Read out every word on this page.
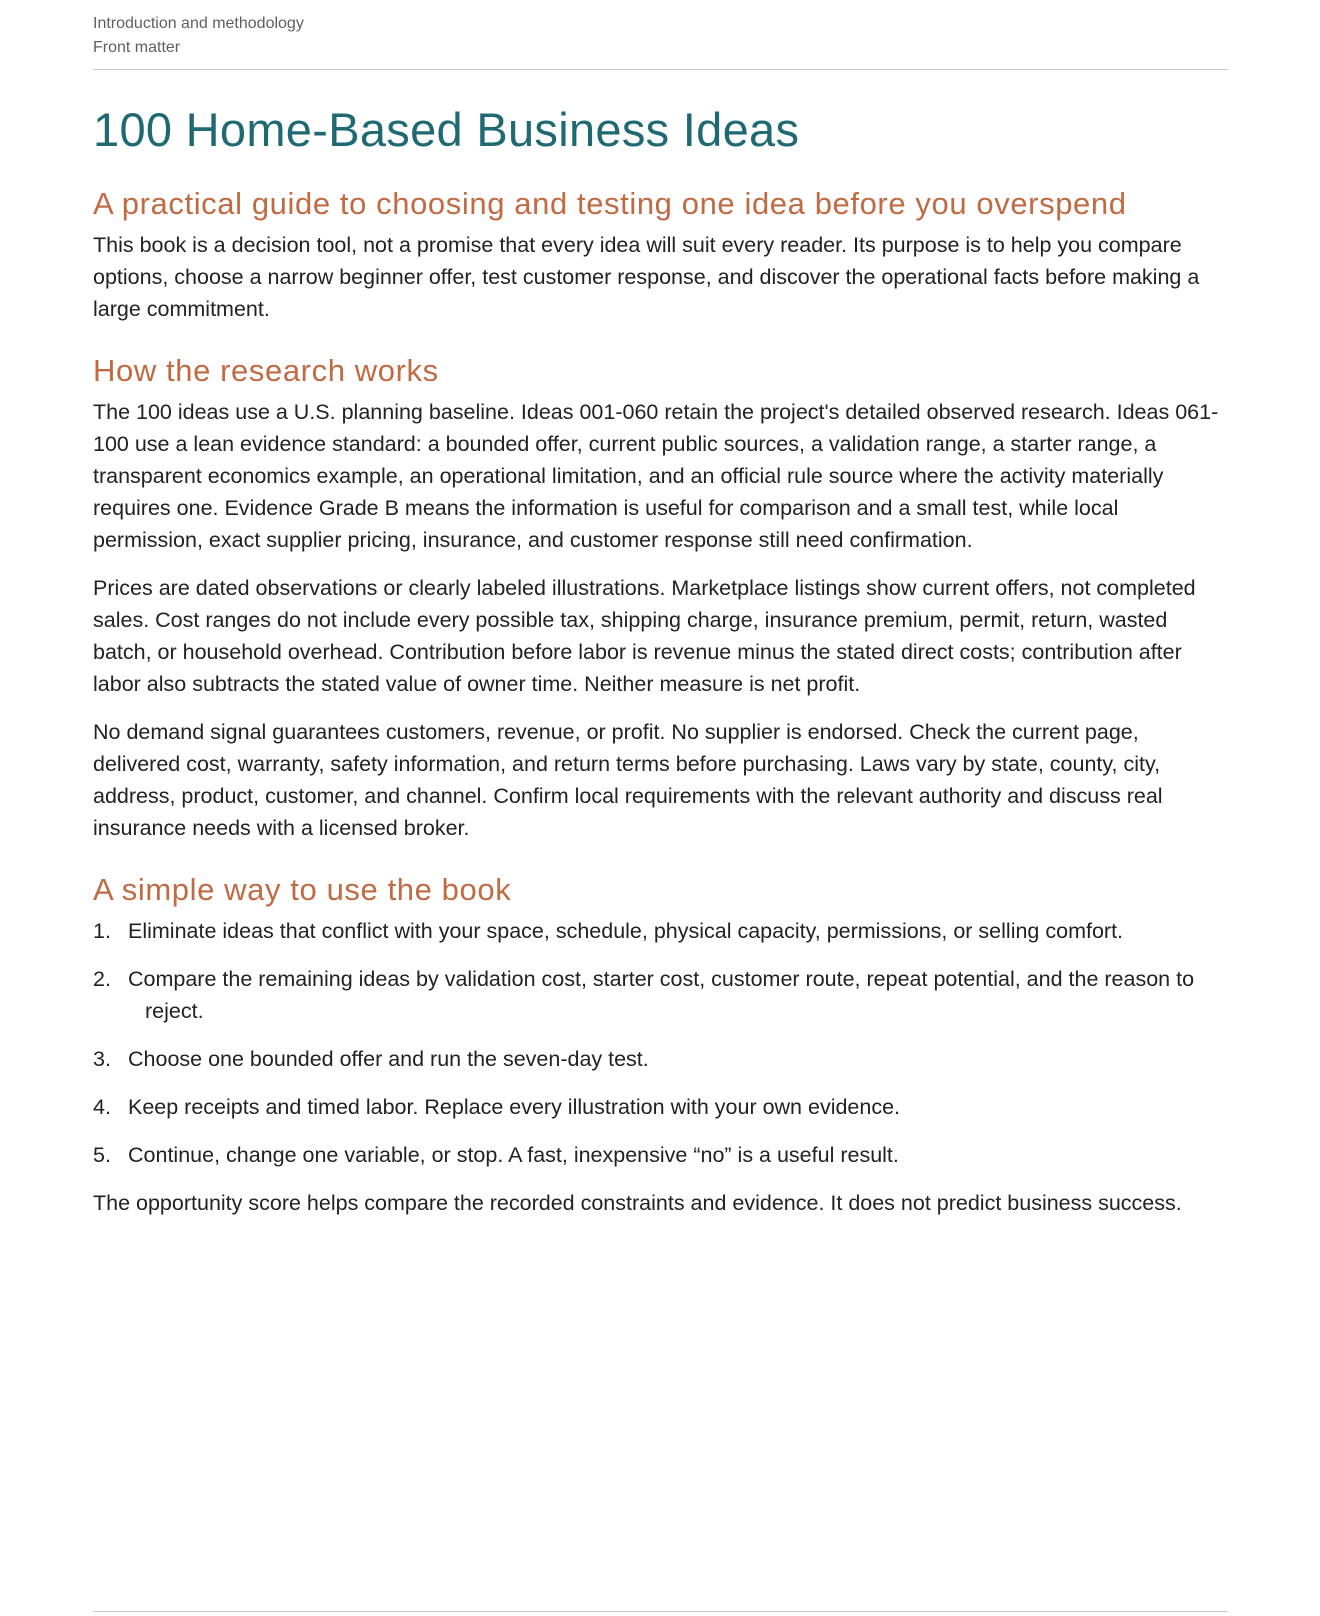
Introduction and methodology
Front matter
100 Home-Based Business Ideas
A practical guide to choosing and testing one idea before you overspend

This book is a decision tool, not a promise that every idea will suit every reader. Its purpose is to help you compare options, choose a narrow beginner offer, test customer response, and discover the operational facts before making a large commitment.

How the research works

The 100 ideas use a U.S. planning baseline. Ideas 001-060 retain the project's detailed observed research. Ideas 061-100 use a lean evidence standard: a bounded offer, current public sources, a validation range, a starter range, a transparent economics example, an operational limitation, and an official rule source where the activity materially requires one. Evidence Grade B means the information is useful for comparison and a small test, while local permission, exact supplier pricing, insurance, and customer response still need confirmation.

Prices are dated observations or clearly labeled illustrations. Marketplace listings show current offers, not completed sales. Cost ranges do not include every possible tax, shipping charge, insurance premium, permit, return, wasted batch, or household overhead. Contribution before labor is revenue minus the stated direct costs; contribution after labor also subtracts the stated value of owner time. Neither measure is net profit.

No demand signal guarantees customers, revenue, or profit. No supplier is endorsed. Check the current page, delivered cost, warranty, safety information, and return terms before purchasing. Laws vary by state, county, city, address, product, customer, and channel. Confirm local requirements with the relevant authority and discuss real insurance needs with a licensed broker.

A simple way to use the book
1. Eliminate ideas that conflict with your space, schedule, physical capacity, permissions, or selling comfort.
2. Compare the remaining ideas by validation cost, starter cost, customer route, repeat potential, and the reason to reject.
3. Choose one bounded offer and run the seven-day test.
4. Keep receipts and timed labor. Replace every illustration with your own evidence.
5. Continue, change one variable, or stop. A fast, inexpensive “no” is a useful result.

The opportunity score helps compare the recorded constraints and evidence. It does not predict business success.
